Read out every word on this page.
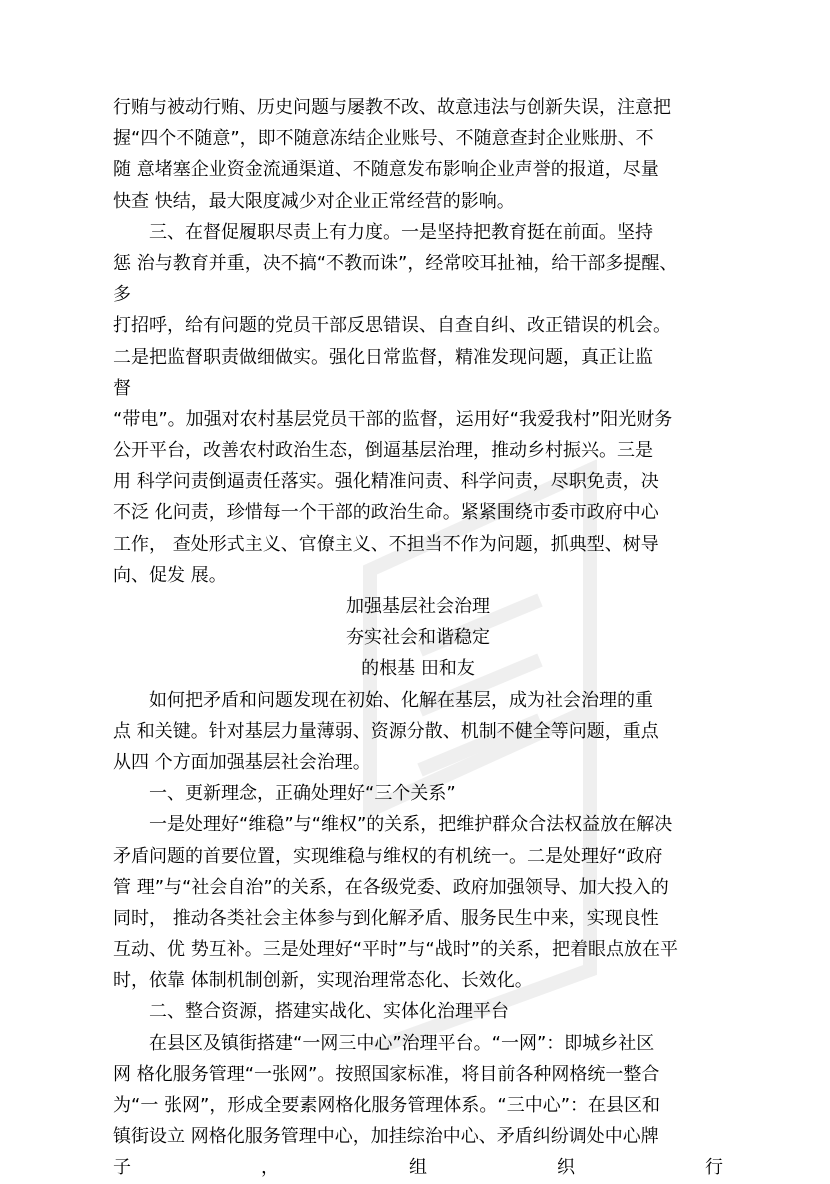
行贿与被动行贿、历史问题与屡教不改、故意违法与创新失误，注意把
握“四个不随意”，即不随意冻结企业账号、不随意查封企业账册、不
随 意堵塞企业资金流通渠道、不随意发布影响企业声誉的报道，尽量
快查 快结，最大限度减少对企业正常经营的影响。
　　三、在督促履职尽责上有力度。一是坚持把教育挺在前面。坚持
惩 治与教育并重，决不搞“不教而诛”，经常咬耳扯袖，给干部多提醒、
多
打招呼，给有问题的党员干部反思错误、自查自纠、改正错误的机会。
二是把监督职责做细做实。强化日常监督，精准发现问题，真正让监
督
“带电”。加强对农村基层党员干部的监督，运用好“我爱我村”阳光财务
公开平台，改善农村政治生态，倒逼基层治理，推动乡村振兴。三是
用 科学问责倒逼责任落实。强化精准问责、科学问责，尽职免责，决
不泛 化问责，珍惜每一个干部的政治生命。紧紧围绕市委市政府中心
工作， 查处形式主义、官僚主义、不担当不作为问题，抓典型、树导
向、促发 展。
加强基层社会治理
夯实社会和谐稳定
的根基 田和友
　　如何把矛盾和问题发现在初始、化解在基层，成为社会治理的重
点 和关键。针对基层力量薄弱、资源分散、机制不健全等问题，重点
从四 个方面加强基层社会治理。
　　一、更新理念，正确处理好“三个关系”
　　一是处理好“维稳”与“维权”的关系，把维护群众合法权益放在解决
矛盾问题的首要位置，实现维稳与维权的有机统一。二是处理好“政府
管 理”与“社会自治”的关系，在各级党委、政府加强领导、加大投入的
同时， 推动各类社会主体参与到化解矛盾、服务民生中来，实现良性
互动、优 势互补。三是处理好“平时”与“战时”的关系，把着眼点放在平
时，依靠 体制机制创新，实现治理常态化、长效化。
　　二、整合资源，搭建实战化、实体化治理平台
　　在县区及镇街搭建“一网三中心”治理平台。“一网”：即城乡社区
网 格化服务管理“一张网”。按照国家标准，将目前各种网格统一整合
为“一 张网”，形成全要素网格化服务管理体系。“三中心”：在县区和
镇街设立 网格化服务管理中心，加挂综治中心、矛盾纠纷调处中心牌
子	，	组	织	行
